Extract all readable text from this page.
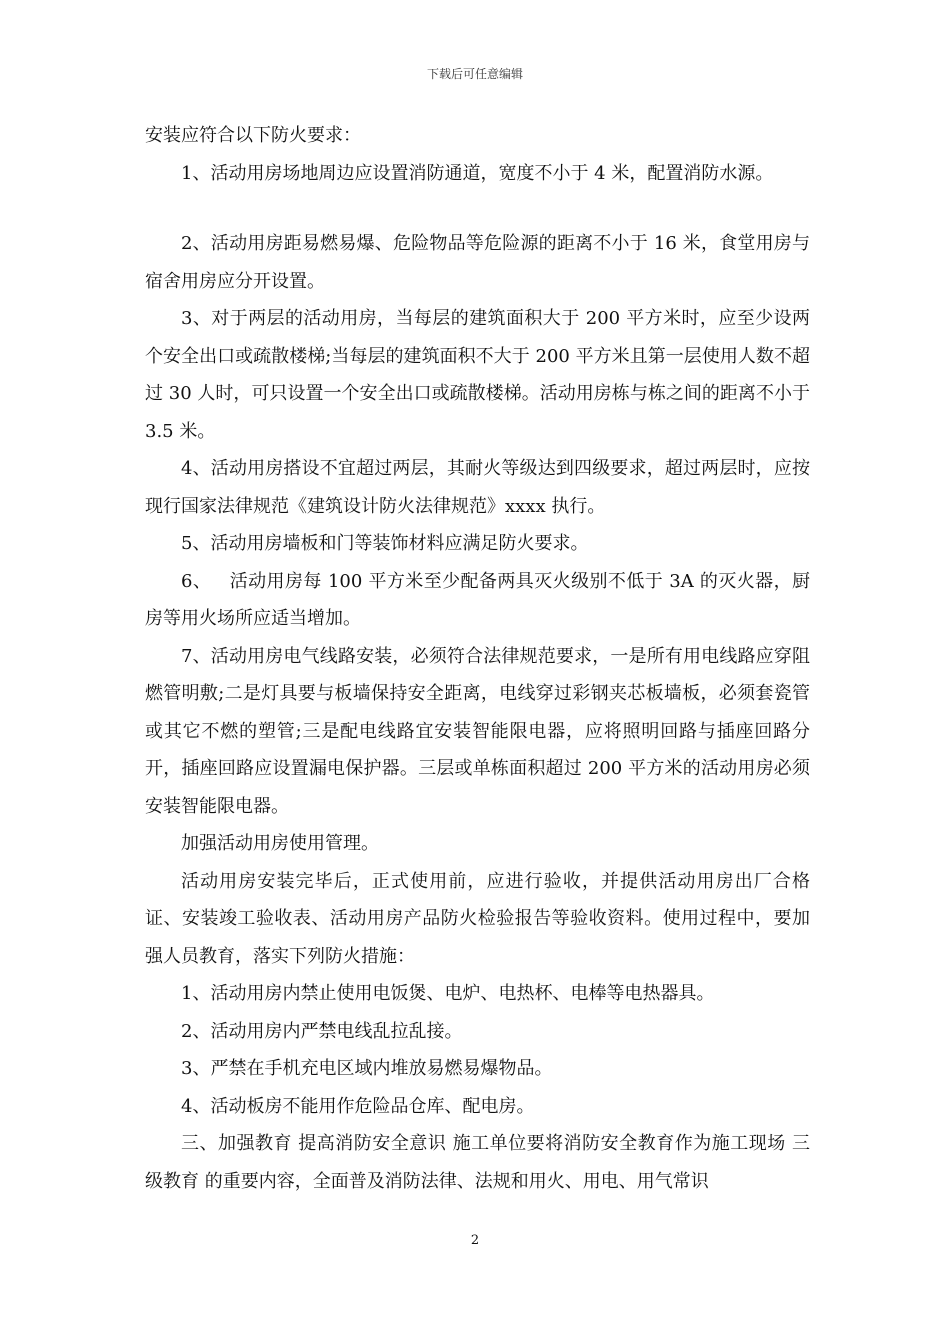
下载后可任意编辑

安装应符合以下防火要求：

1、活动用房场地周边应设置消防通道，宽度不小于 4 米，配置消防水源。

2、活动用房距易燃易爆、危险物品等危险源的距离不小于 16 米，食堂用房与宿舍用房应分开设置。

3、对于两层的活动用房，当每层的建筑面积大于 200 平方米时，应至少设两个安全出口或疏散楼梯;当每层的建筑面积不大于 200 平方米且第一层使用人数不超过 30 人时，可只设置一个安全出口或疏散楼梯。活动用房栋与栋之间的距离不小于 3.5 米。

4、活动用房搭设不宜超过两层，其耐火等级达到四级要求，超过两层时，应按现行国家法律规范《建筑设计防火法律规范》xxxx 执行。

5、活动用房墙板和门等装饰材料应满足防火要求。

6、   活动用房每 100 平方米至少配备两具灭火级别不低于 3A 的灭火器，厨房等用火场所应适当增加。

7、活动用房电气线路安装，必须符合法律规范要求，一是所有用电线路应穿阻燃管明敷;二是灯具要与板墙保持安全距离，电线穿过彩钢夹芯板墙板，必须套瓷管或其它不燃的塑管;三是配电线路宜安装智能限电器，应将照明回路与插座回路分开，插座回路应设置漏电保护器。三层或单栋面积超过 200 平方米的活动用房必须安装智能限电器。

加强活动用房使用管理。

活动用房安装完毕后，正式使用前，应进行验收，并提供活动用房出厂合格证、安装竣工验收表、活动用房产品防火检验报告等验收资料。使用过程中，要加强人员教育，落实下列防火措施：

1、活动用房内禁止使用电饭煲、电炉、电热杯、电棒等电热器具。

2、活动用房内严禁电线乱拉乱接。

3、严禁在手机充电区域内堆放易燃易爆物品。

4、活动板房不能用作危险品仓库、配电房。

三、加强教育 提高消防安全意识 施工单位要将消防安全教育作为施工现场 三级教育 的重要内容，全面普及消防法律、法规和用火、用电、用气常识

2
